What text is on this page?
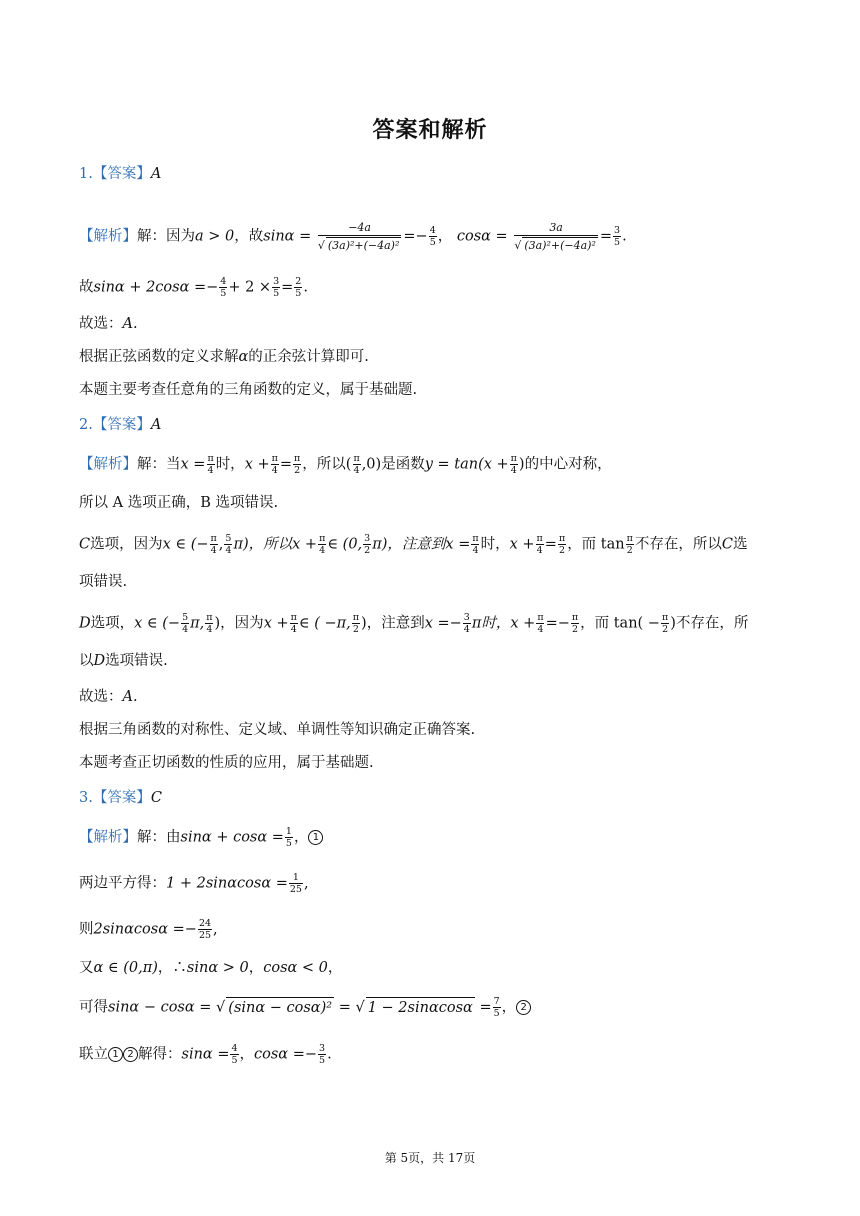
答案和解析
1.【答案】A
【解析】解：因为a > 0，故$\sin\alpha = \frac{-4a}{\text{√ (3a)²+(−4a)²}} =- \frac{4}{5}$ ， $\cos\alpha = \frac{3a}{\text{√ (3a)²+(−4a)²}} = \frac{3}{5}$ .
故$\sin\alpha + 2\cos\alpha =- \frac{4}{5} + 2 \times \frac{3}{5} = \frac{2}{5}$ .
故选：A.
根据正弦函数的定义求解α的正余弦计算即可.
本题主要考查任意角的三角函数的定义，属于基础题.
2.【答案】A
【解析】解：当$x = \frac{\pi}{4}$ 时，$x + \frac{\pi}{4} = \frac{\pi}{2}$ ，所以( $\frac{\pi}{4} ,0$)是函数$y = \tan(x + \frac{\pi}{4}$ )的中心对称，
所以 A 选项正确，B 选项错误.
C选项，因为x ∈ (− $\frac{\pi}{4}$ , $\frac{5}{4} \pi$)，所以$x + \frac{\pi}{4}$ ∈ (0, $\frac{3}{2} \pi$)，注意到$x = \frac{\pi}{4}$ 时，$x + \frac{\pi}{4} = \frac{\pi}{2}$ ，而 $\tan \frac{\pi}{2}$ 不存在，所以C选
项错误.
D选项，x ∈ (− $\frac{5}{4} \pi$, $\frac{\pi}{4}$ )，因为$x + \frac{\pi}{4}$ ∈ ( −π, $\frac{\pi}{2}$ )，注意到$x =- \frac{3}{4}$ π时，$x + \frac{\pi}{4} =- \frac{\pi}{2}$ ，而 $\tan( - \frac{\pi}{2}$ )不存在，所
以D选项错误.
故选：A.
根据三角函数的对称性、定义域、单调性等知识确定正确答案.
本题考查正切函数的性质的应用，属于基础题.
3.【答案】C
【解析】解：由$\sin\alpha + \cos\alpha = \frac{1}{5}$ ， 1
两边平方得：$1 + 2\sin\alpha\cos\alpha = \frac{1}{25}$ ,
则$2\sin\alpha\cos\alpha =- \frac{24}{25}$ ,
又α ∈ (0,π)，∴sinα > 0，cosα < 0，
可得sinα − cosα = √ (sinα − cosα)² = √ $1 - 2\sin\alpha\cos\alpha = \frac{7}{5}$ ， 2
联立 1 2 解得：$\sin\alpha = \frac{4}{5}$ ，$\cos\alpha =- \frac{3}{5}$ .
第 5页，共 17页
